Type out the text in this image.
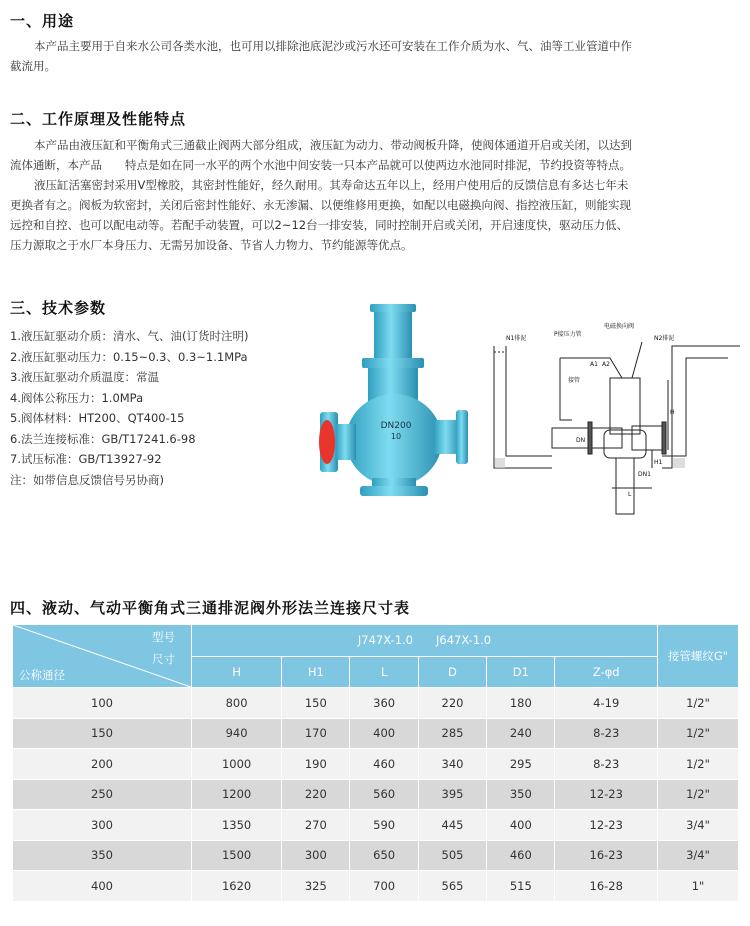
一、用途
本产品主要用于自来水公司各类水池，也可用以排除池底泥沙或污水还可安装在工作介质为水、气、油等工业管道中作
截流用。
二、工作原理及性能特点
本产品由液压缸和平衡角式三通截止阀两大部分组成，液压缸为动力、带动阀板升降，使阀体通道开启或关闭，以达到
流体通断，本产品　　特点是如在同一水平的两个水池中间安装一只本产品就可以使两边水池同时排泥，节约投资等特点。
液压缸活塞密封采用V型橡胶，其密封性能好，经久耐用。其寿命达五年以上，经用户使用后的反馈信息有多达七年未
更换者有之。阀板为软密封，关闭后密封性能好、永无渗漏、以便维修用更换，如配以电磁换向阀、指控液压缸，则能实现
远控和自控、也可以配电动等。若配手动装置，可以2~12台一排安装，同时控制开启或关闭，开启速度快，驱动压力低、
压力源取之于水厂本身压力、无需另加设备、节省人力物力、节约能源等优点。
三、技术参数
1.液压缸驱动介质：清水、气、油(订货时注明)
2.液压缸驱动压力：0.15~0.3、0.3~1.1MPa
3.液压缸驱动介质温度：常温
4.阀体公称压力：1.0MPa
5.阀体材料：HT200、QT400-15
6.法兰连接标准：GB/T17241.6-98
7.试压标准：GB/T13927-92
注：如带信息反馈信号另协商)
DN200
10
N1排泥
P接压力管
电磁换向阀
N2排泥
A1 A2
接管
H
H1
DN
L
DN1
四、液动、气动平衡角式三通排泥阀外形法兰连接尺寸表
型号
尺寸
公称通径	J747X-1.0　　J647X-1.0						接管螺纹G"
	H	H1	L	D	D1	Z-φd	
100	800	150	360	220	180	4-19	1/2"
150	940	170	400	285	240	8-23	1/2"
200	1000	190	460	340	295	8-23	1/2"
250	1200	220	560	395	350	12-23	1/2"
300	1350	270	590	445	400	12-23	3/4"
350	1500	300	650	505	460	16-23	3/4"
400	1620	325	700	565	515	16-28	1"
